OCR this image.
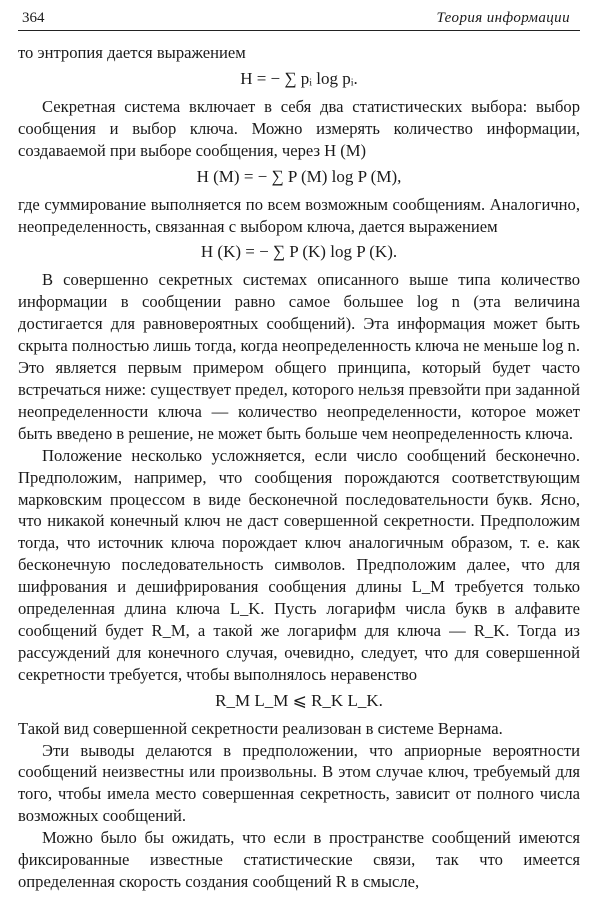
364	Теория информации

то энтропия дается выражением

H = − ∑ pᵢ log pᵢ.

Секретная система включает в себя два статистических выбора: выбор сообщения и выбор ключа. Можно измерять количество информации, создаваемой при выборе сообщения, через H (M)

H (M) = − ∑ P (M) log P (M),

где суммирование выполняется по всем возможным сообщениям. Аналогично, неопределенность, связанная с выбором ключа, дается выражением

H (K) = − ∑ P (K) log P (K).

В совершенно секретных системах описанного выше типа количество информации в сообщении равно самое большее log n (эта величина достигается для равновероятных сообщений). Эта информация может быть скрыта полностью лишь тогда, когда неопределенность ключа не меньше log n. Это является первым примером общего принципа, который будет часто встречаться ниже: существует предел, которого нельзя превзойти при заданной неопределенности ключа — количество неопределенности, которое может быть введено в решение, не может быть больше чем неопределенность ключа.

Положение несколько усложняется, если число сообщений бесконечно. Предположим, например, что сообщения порождаются соответствующим марковским процессом в виде бесконечной последовательности букв. Ясно, что никакой конечный ключ не даст совершенной секретности. Предположим тогда, что источник ключа порождает ключ аналогичным образом, т. е. как бесконечную последовательность символов. Предположим далее, что для шифрования и дешифрирования сообщения длины L_M требуется только определенная длина ключа L_K. Пусть логарифм числа букв в алфавите сообщений будет R_M, а такой же логарифм для ключа — R_K. Тогда из рассуждений для конечного случая, очевидно, следует, что для совершенной секретности требуется, чтобы выполнялось неравенство

R_M L_M ⩽ R_K L_K.

Такой вид совершенной секретности реализован в системе Вернама.

Эти выводы делаются в предположении, что априорные вероятности сообщений неизвестны или произвольны. В этом случае ключ, требуемый для того, чтобы имела место совершенная секретность, зависит от полного числа возможных сообщений.

Можно было бы ожидать, что если в пространстве сообщений имеются фиксированные известные статистические связи, так что имеется определенная скорость создания сообщений R в смысле,
